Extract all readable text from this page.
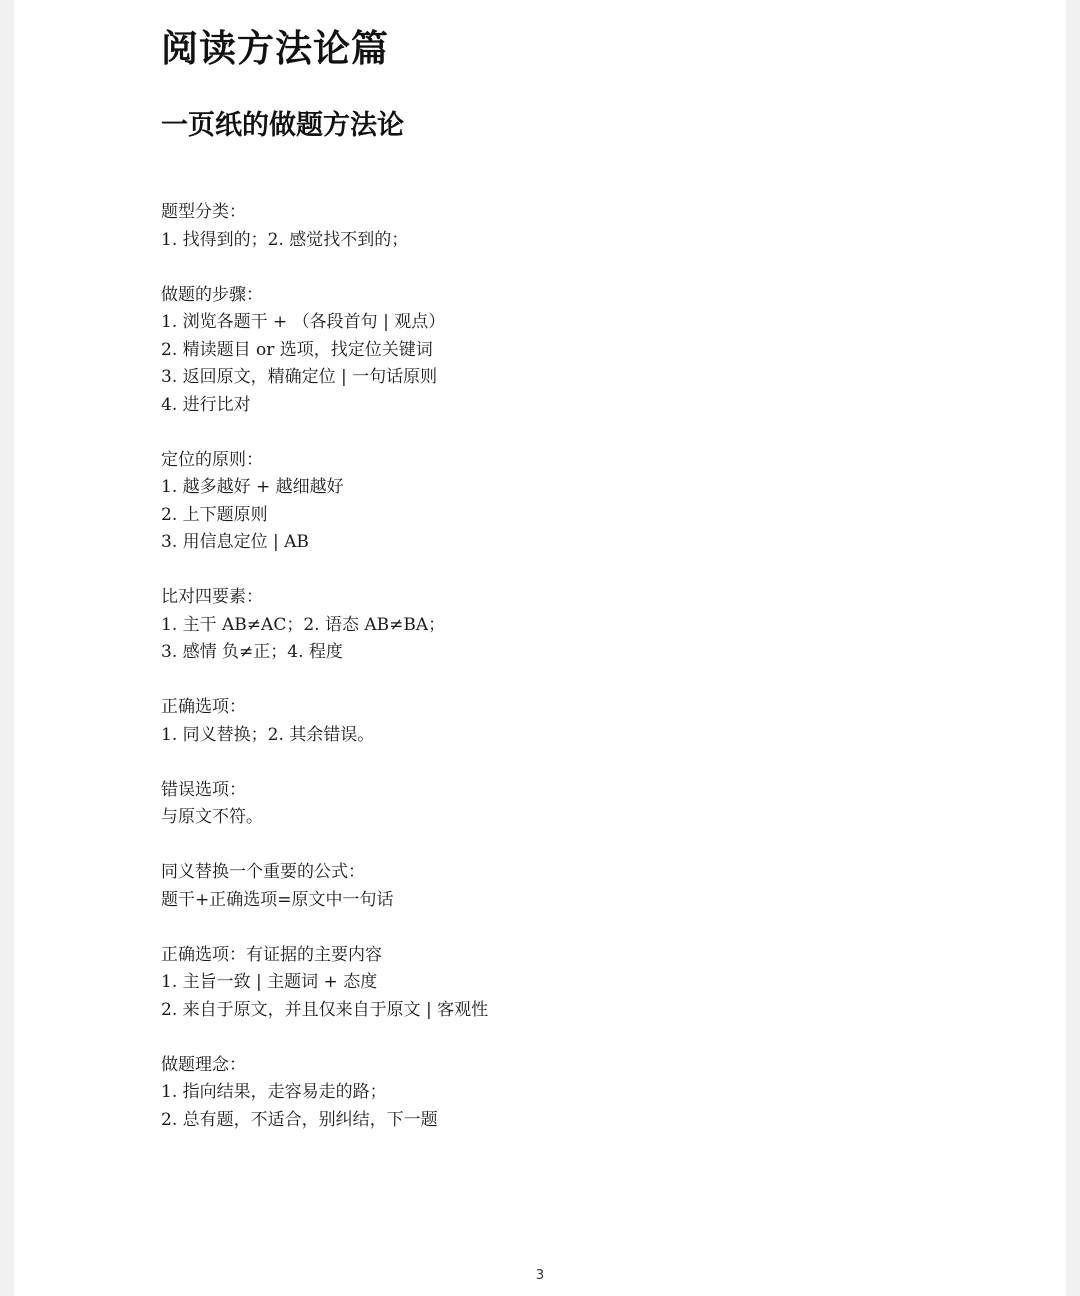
阅读方法论篇
一页纸的做题方法论
题型分类：
1. 找得到的；2. 感觉找不到的；
做题的步骤：
1. 浏览各题干 + （各段首句 | 观点）
2. 精读题目 or 选项，找定位关键词
3. 返回原文，精确定位 | 一句话原则
4. 进行比对
定位的原则：
1. 越多越好 + 越细越好
2. 上下题原则
3. 用信息定位 | AB
比对四要素：
1. 主干 AB≠AC；2. 语态 AB≠BA；
3. 感情 负≠正；4. 程度
正确选项：
1. 同义替换；2. 其余错误。
错误选项：
与原文不符。
同义替换一个重要的公式：
题干+正确选项=原文中一句话
正确选项：有证据的主要内容
1. 主旨一致 | 主题词 + 态度
2. 来自于原文，并且仅来自于原文 | 客观性
做题理念：
1. 指向结果，走容易走的路；
2. 总有题，不适合，别纠结，下一题
3
